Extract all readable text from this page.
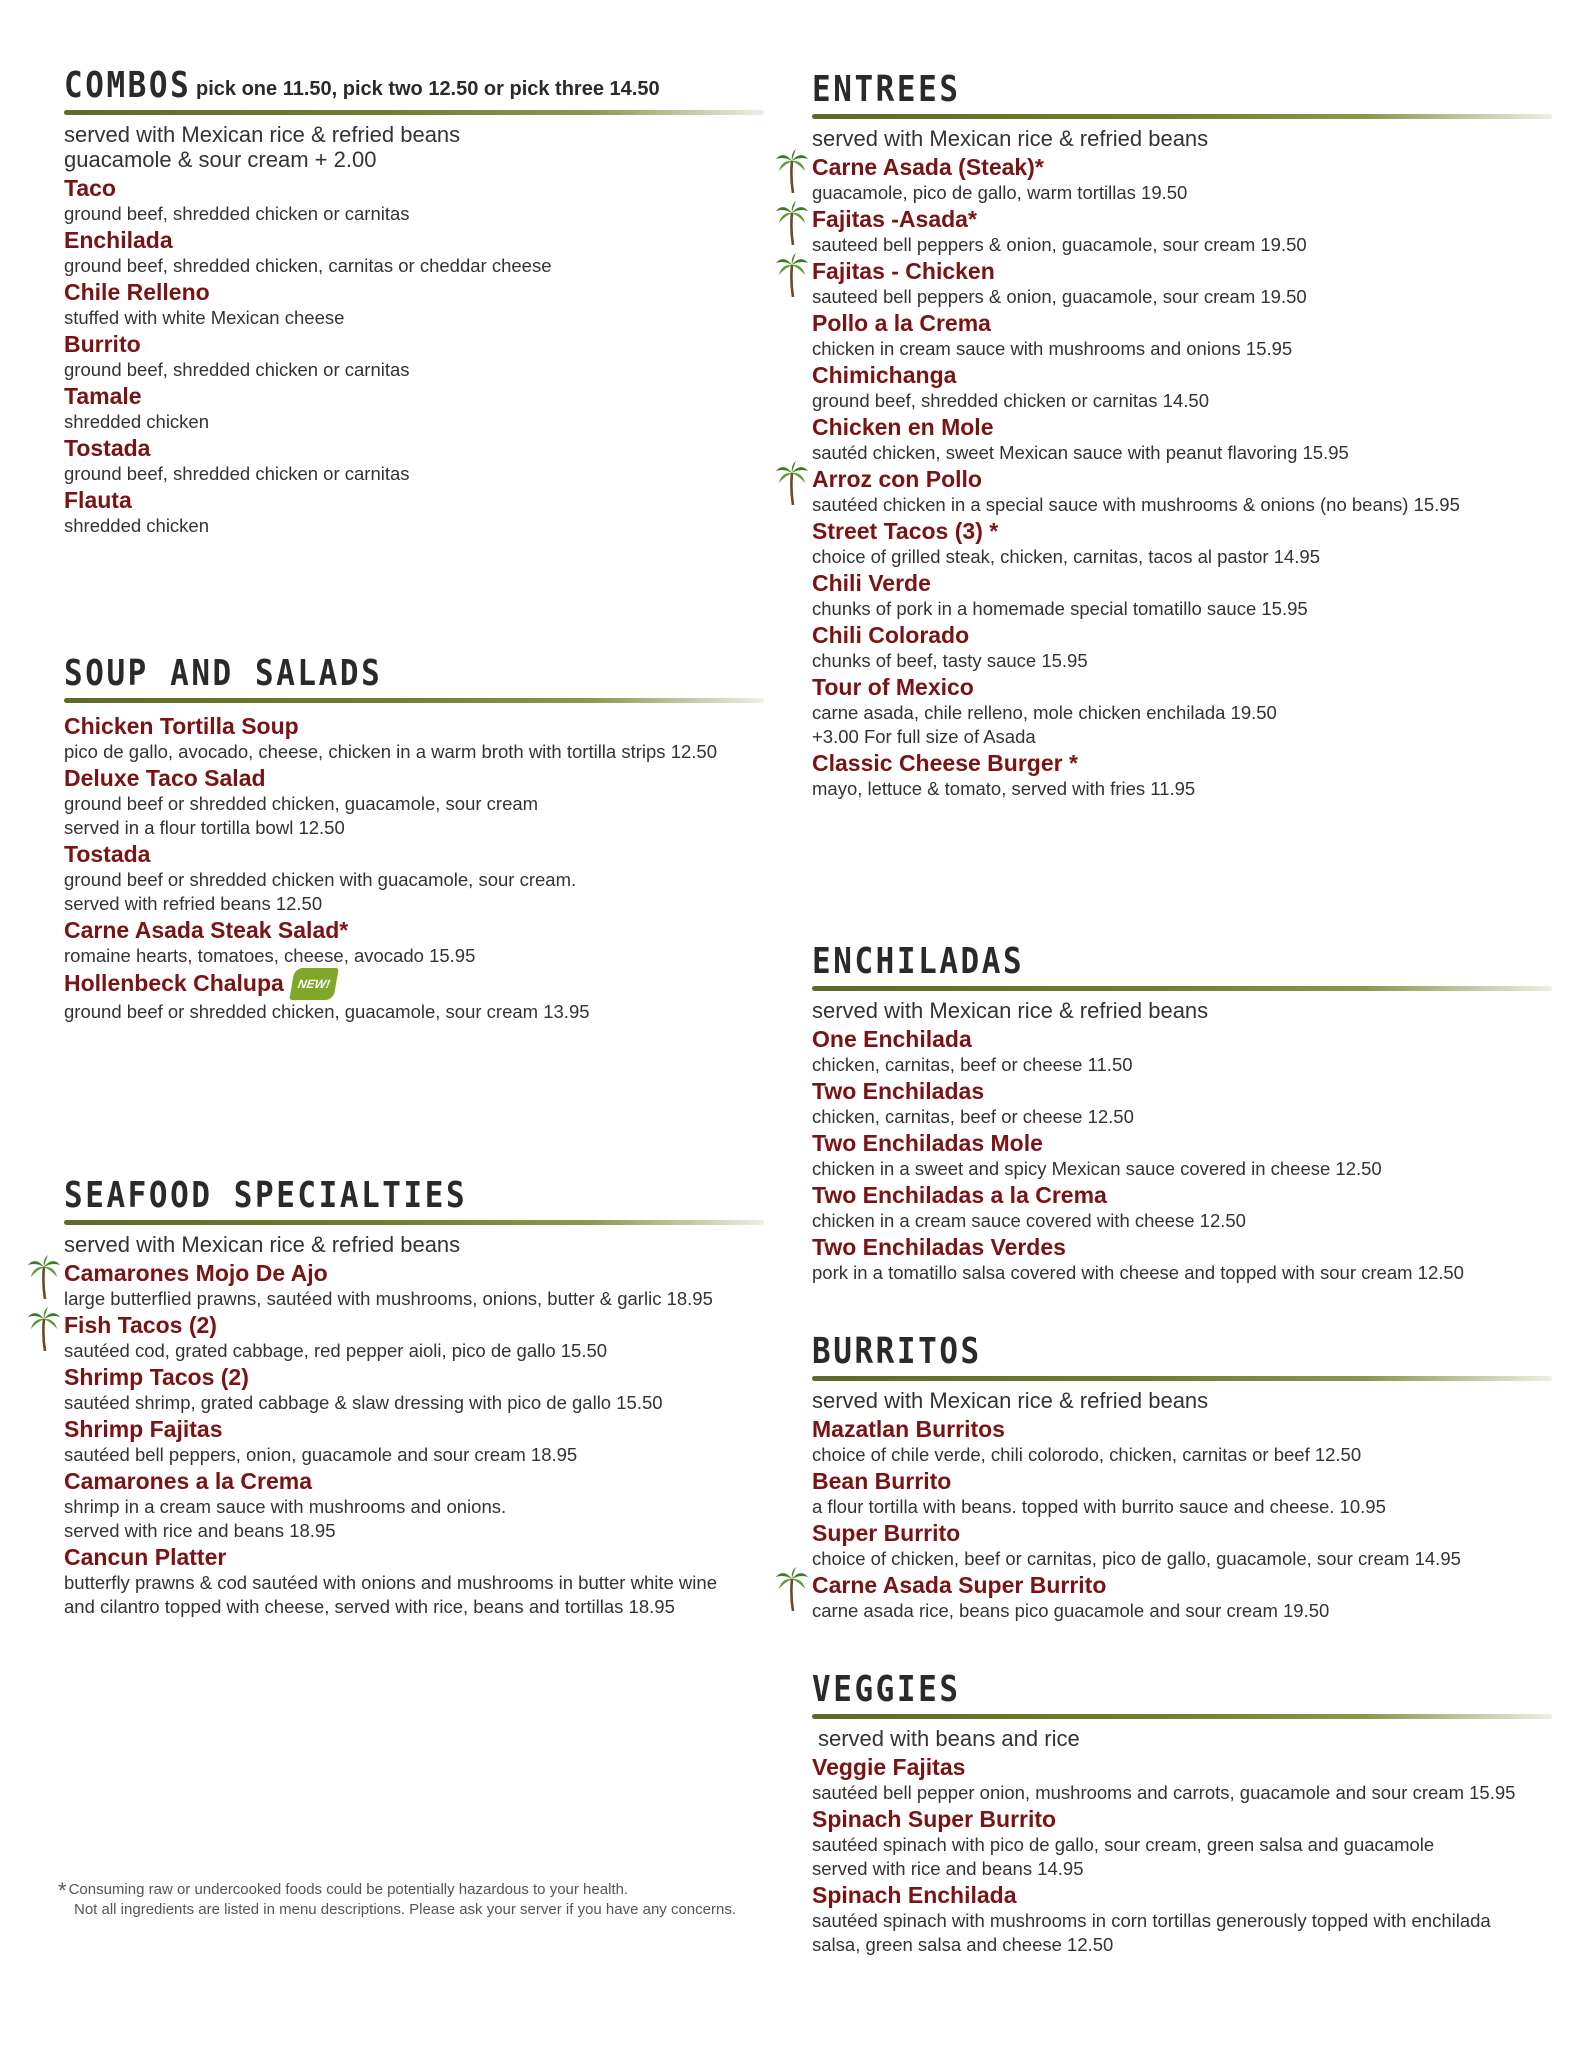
COMBOS pick one 11.50, pick two 12.50 or pick three 14.50
served with Mexican rice & refried beans
guacamole & sour cream + 2.00
Taco
ground beef, shredded chicken or carnitas
Enchilada
ground beef, shredded chicken, carnitas or cheddar cheese
Chile Relleno
stuffed with white Mexican cheese
Burrito
ground beef, shredded chicken or carnitas
Tamale
shredded chicken
Tostada
ground beef, shredded chicken or carnitas
Flauta
shredded chicken
SOUP AND SALADS
Chicken Tortilla Soup
pico de gallo, avocado, cheese, chicken in a warm broth with tortilla strips 12.50
Deluxe Taco Salad
ground beef or shredded chicken, guacamole, sour cream
served in a flour tortilla bowl 12.50
Tostada
ground beef or shredded chicken with guacamole, sour cream.
served with refried beans 12.50
Carne Asada Steak Salad*
romaine hearts, tomatoes, cheese, avocado 15.95
Hollenbeck Chalupa NEW!
ground beef or shredded chicken, guacamole, sour cream 13.95
SEAFOOD SPECIALTIES
served with Mexican rice & refried beans
Camarones Mojo De Ajo
large butterflied prawns, sautéed with mushrooms, onions, butter & garlic 18.95
Fish Tacos (2)
sautéed cod, grated cabbage, red pepper aioli, pico de gallo 15.50
Shrimp Tacos (2)
sautéed shrimp, grated cabbage & slaw dressing with pico de gallo 15.50
Shrimp Fajitas
sautéed bell peppers, onion, guacamole and sour cream 18.95
Camarones a la Crema
shrimp in a cream sauce with mushrooms and onions.
served with rice and beans 18.95
Cancun Platter
butterfly prawns & cod sautéed with onions and mushrooms in butter white wine
and cilantro topped with cheese, served with rice, beans and tortillas 18.95
* Consuming raw or undercooked foods could be potentially hazardous to your health.
Not all ingredients are listed in menu descriptions. Please ask your server if you have any concerns.
ENTREES
served with Mexican rice & refried beans
Carne Asada (Steak)*
guacamole, pico de gallo, warm tortillas 19.50
Fajitas -Asada*
sauteed bell peppers & onion, guacamole, sour cream 19.50
Fajitas - Chicken
sauteed bell peppers & onion, guacamole, sour cream 19.50
Pollo a la Crema
chicken in cream sauce with mushrooms and onions 15.95
Chimichanga
ground beef, shredded chicken or carnitas 14.50
Chicken en Mole
sautéd chicken, sweet Mexican sauce with peanut flavoring 15.95
Arroz con Pollo
sautéed chicken in a special sauce with mushrooms & onions (no beans) 15.95
Street Tacos (3) *
choice of grilled steak, chicken, carnitas, tacos al pastor 14.95
Chili Verde
chunks of pork in a homemade special tomatillo sauce 15.95
Chili Colorado
chunks of beef, tasty sauce 15.95
Tour of Mexico
carne asada, chile relleno, mole chicken enchilada 19.50
+3.00 For full size of Asada
Classic Cheese Burger *
mayo, lettuce & tomato, served with fries 11.95
ENCHILADAS
served with Mexican rice & refried beans
One Enchilada
chicken, carnitas, beef or cheese 11.50
Two Enchiladas
chicken, carnitas, beef or cheese 12.50
Two Enchiladas Mole
chicken in a sweet and spicy Mexican sauce covered in cheese 12.50
Two Enchiladas a la Crema
chicken in a cream sauce covered with cheese 12.50
Two Enchiladas Verdes
pork in a tomatillo salsa covered with cheese and topped with sour cream 12.50
BURRITOS
served with Mexican rice & refried beans
Mazatlan Burritos
choice of chile verde, chili colorodo, chicken, carnitas or beef 12.50
Bean Burrito
a flour tortilla with beans. topped with burrito sauce and cheese. 10.95
Super Burrito
choice of chicken, beef or carnitas, pico de gallo, guacamole, sour cream 14.95
Carne Asada Super Burrito
carne asada rice, beans pico guacamole and sour cream 19.50
VEGGIES
served with beans and rice
Veggie Fajitas
sautéed bell pepper onion, mushrooms and carrots, guacamole and sour cream 15.95
Spinach Super Burrito
sautéed spinach with pico de gallo, sour cream, green salsa and guacamole
served with rice and beans 14.95
Spinach Enchilada
sautéed spinach with mushrooms in corn tortillas generously topped with enchilada
salsa, green salsa and cheese 12.50
